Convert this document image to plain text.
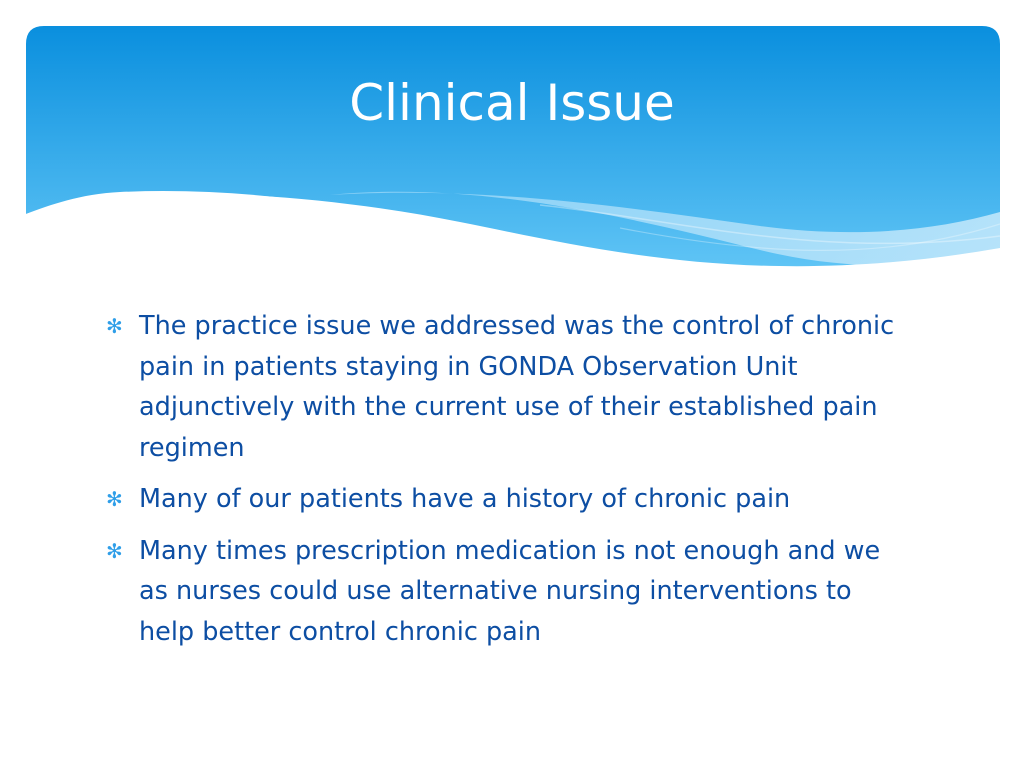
Clinical Issue
✻ The practice issue we addressed was the control of chronic pain in patients staying in GONDA Observation Unit adjunctively with the current use of their established pain regimen
✻ Many of our patients have a history of chronic pain
✻ Many times prescription medication is not enough and we as nurses could use alternative nursing interventions to help better control chronic pain
